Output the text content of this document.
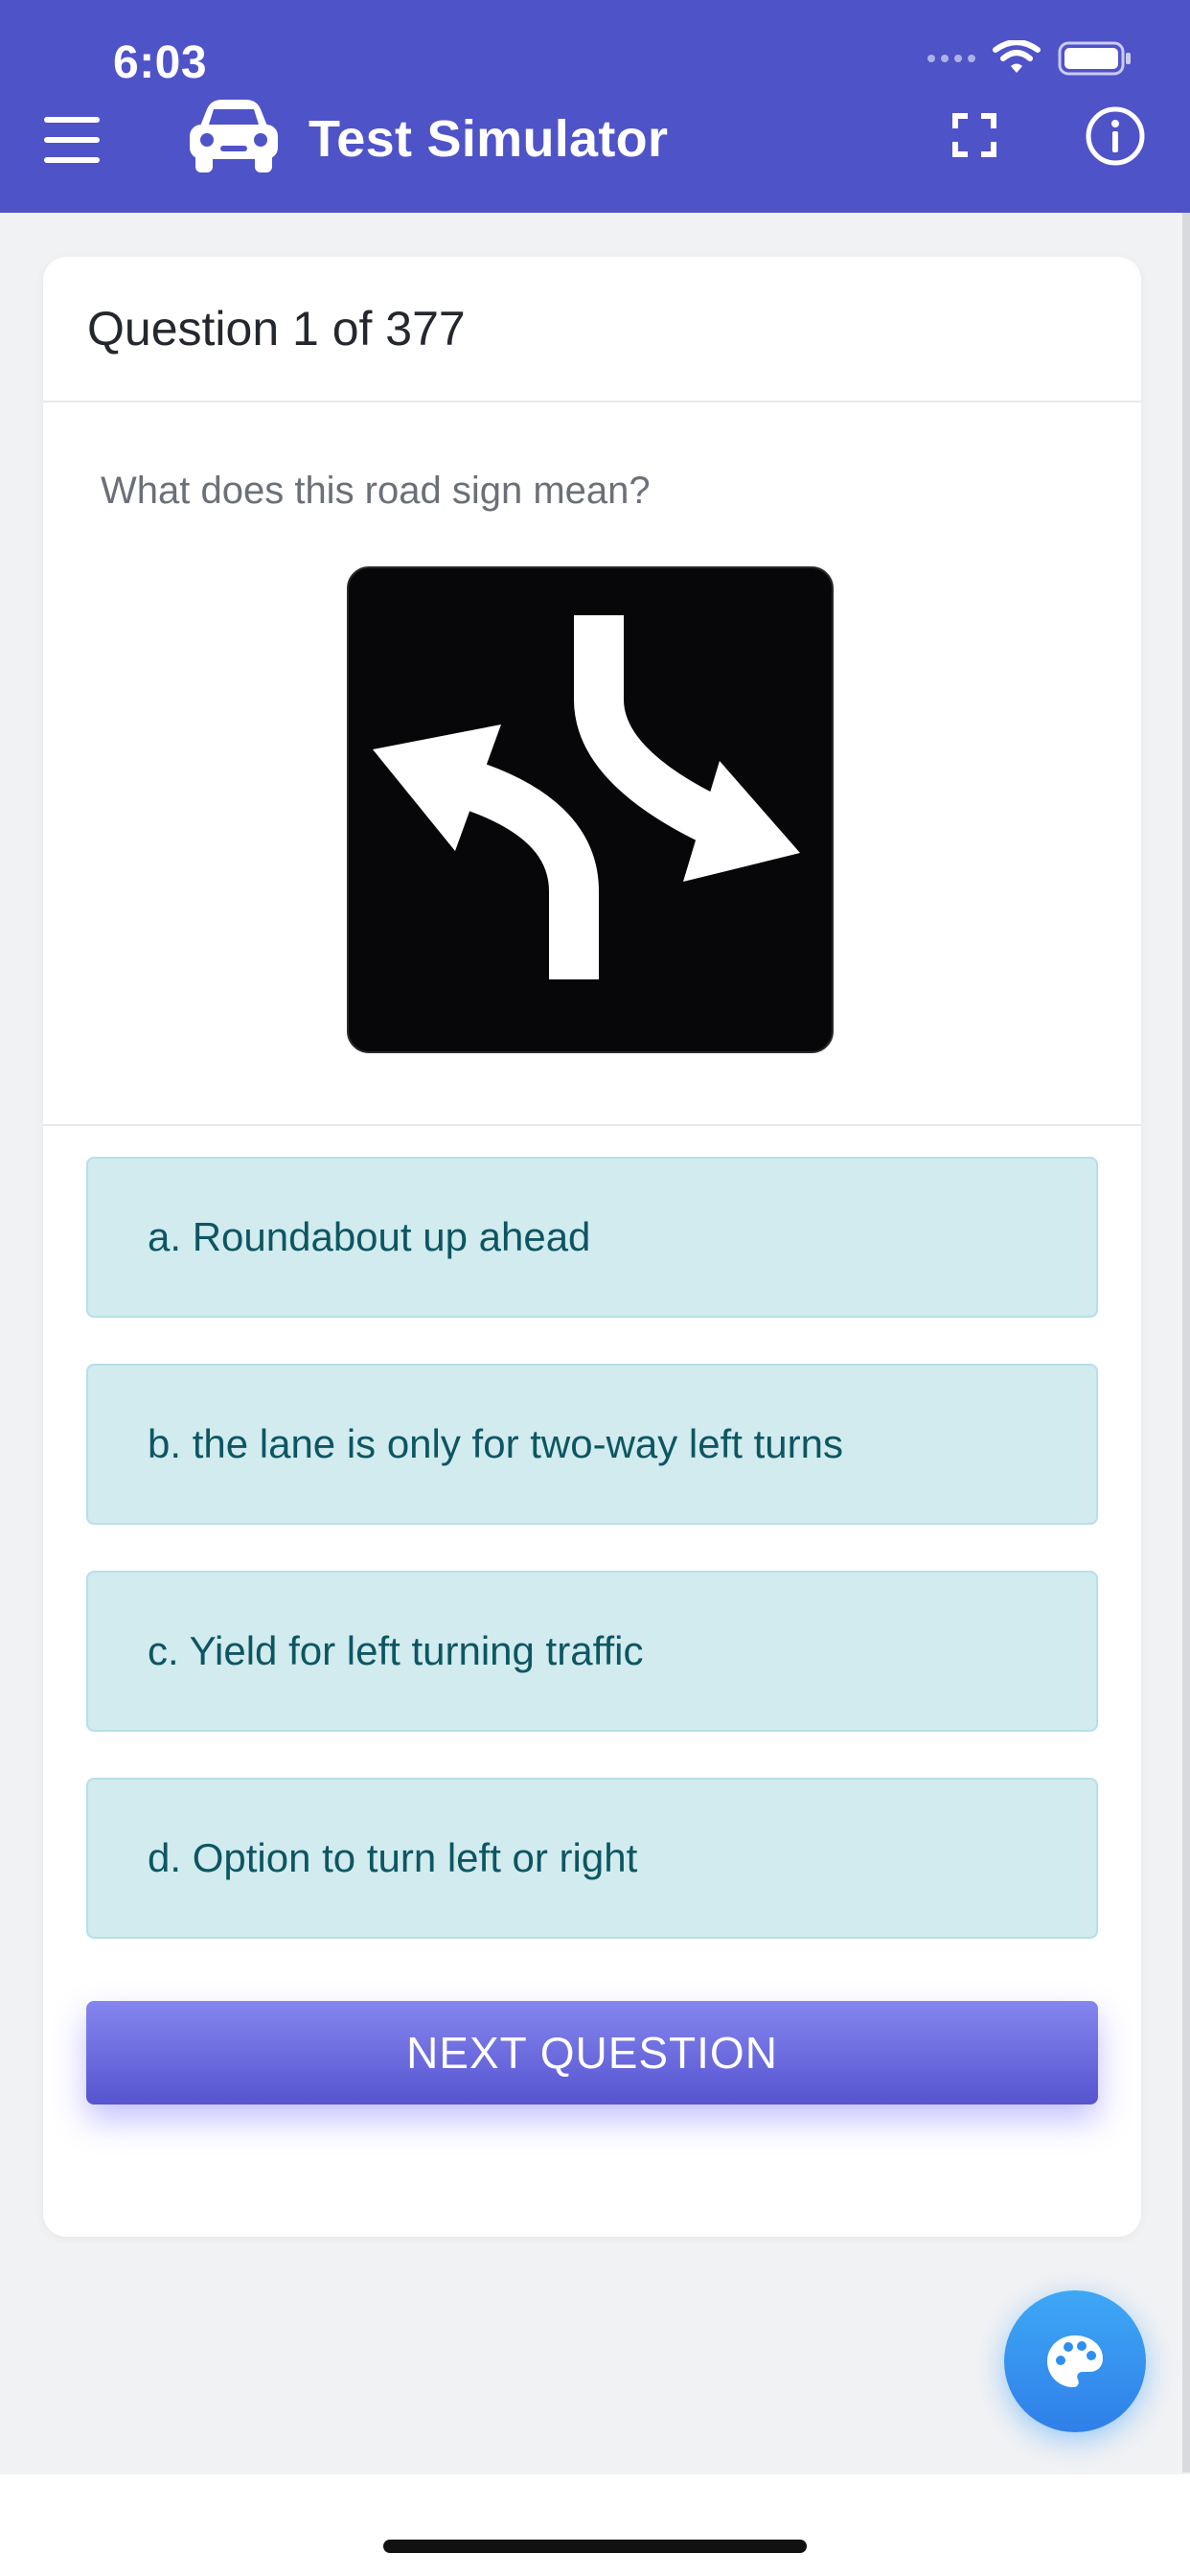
6:03
Test Simulator
Question 1 of 377
What does this road sign mean?
a. Roundabout up ahead
b. the lane is only for two-way left turns
c. Yield for left turning traffic
d. Option to turn left or right
NEXT QUESTION
